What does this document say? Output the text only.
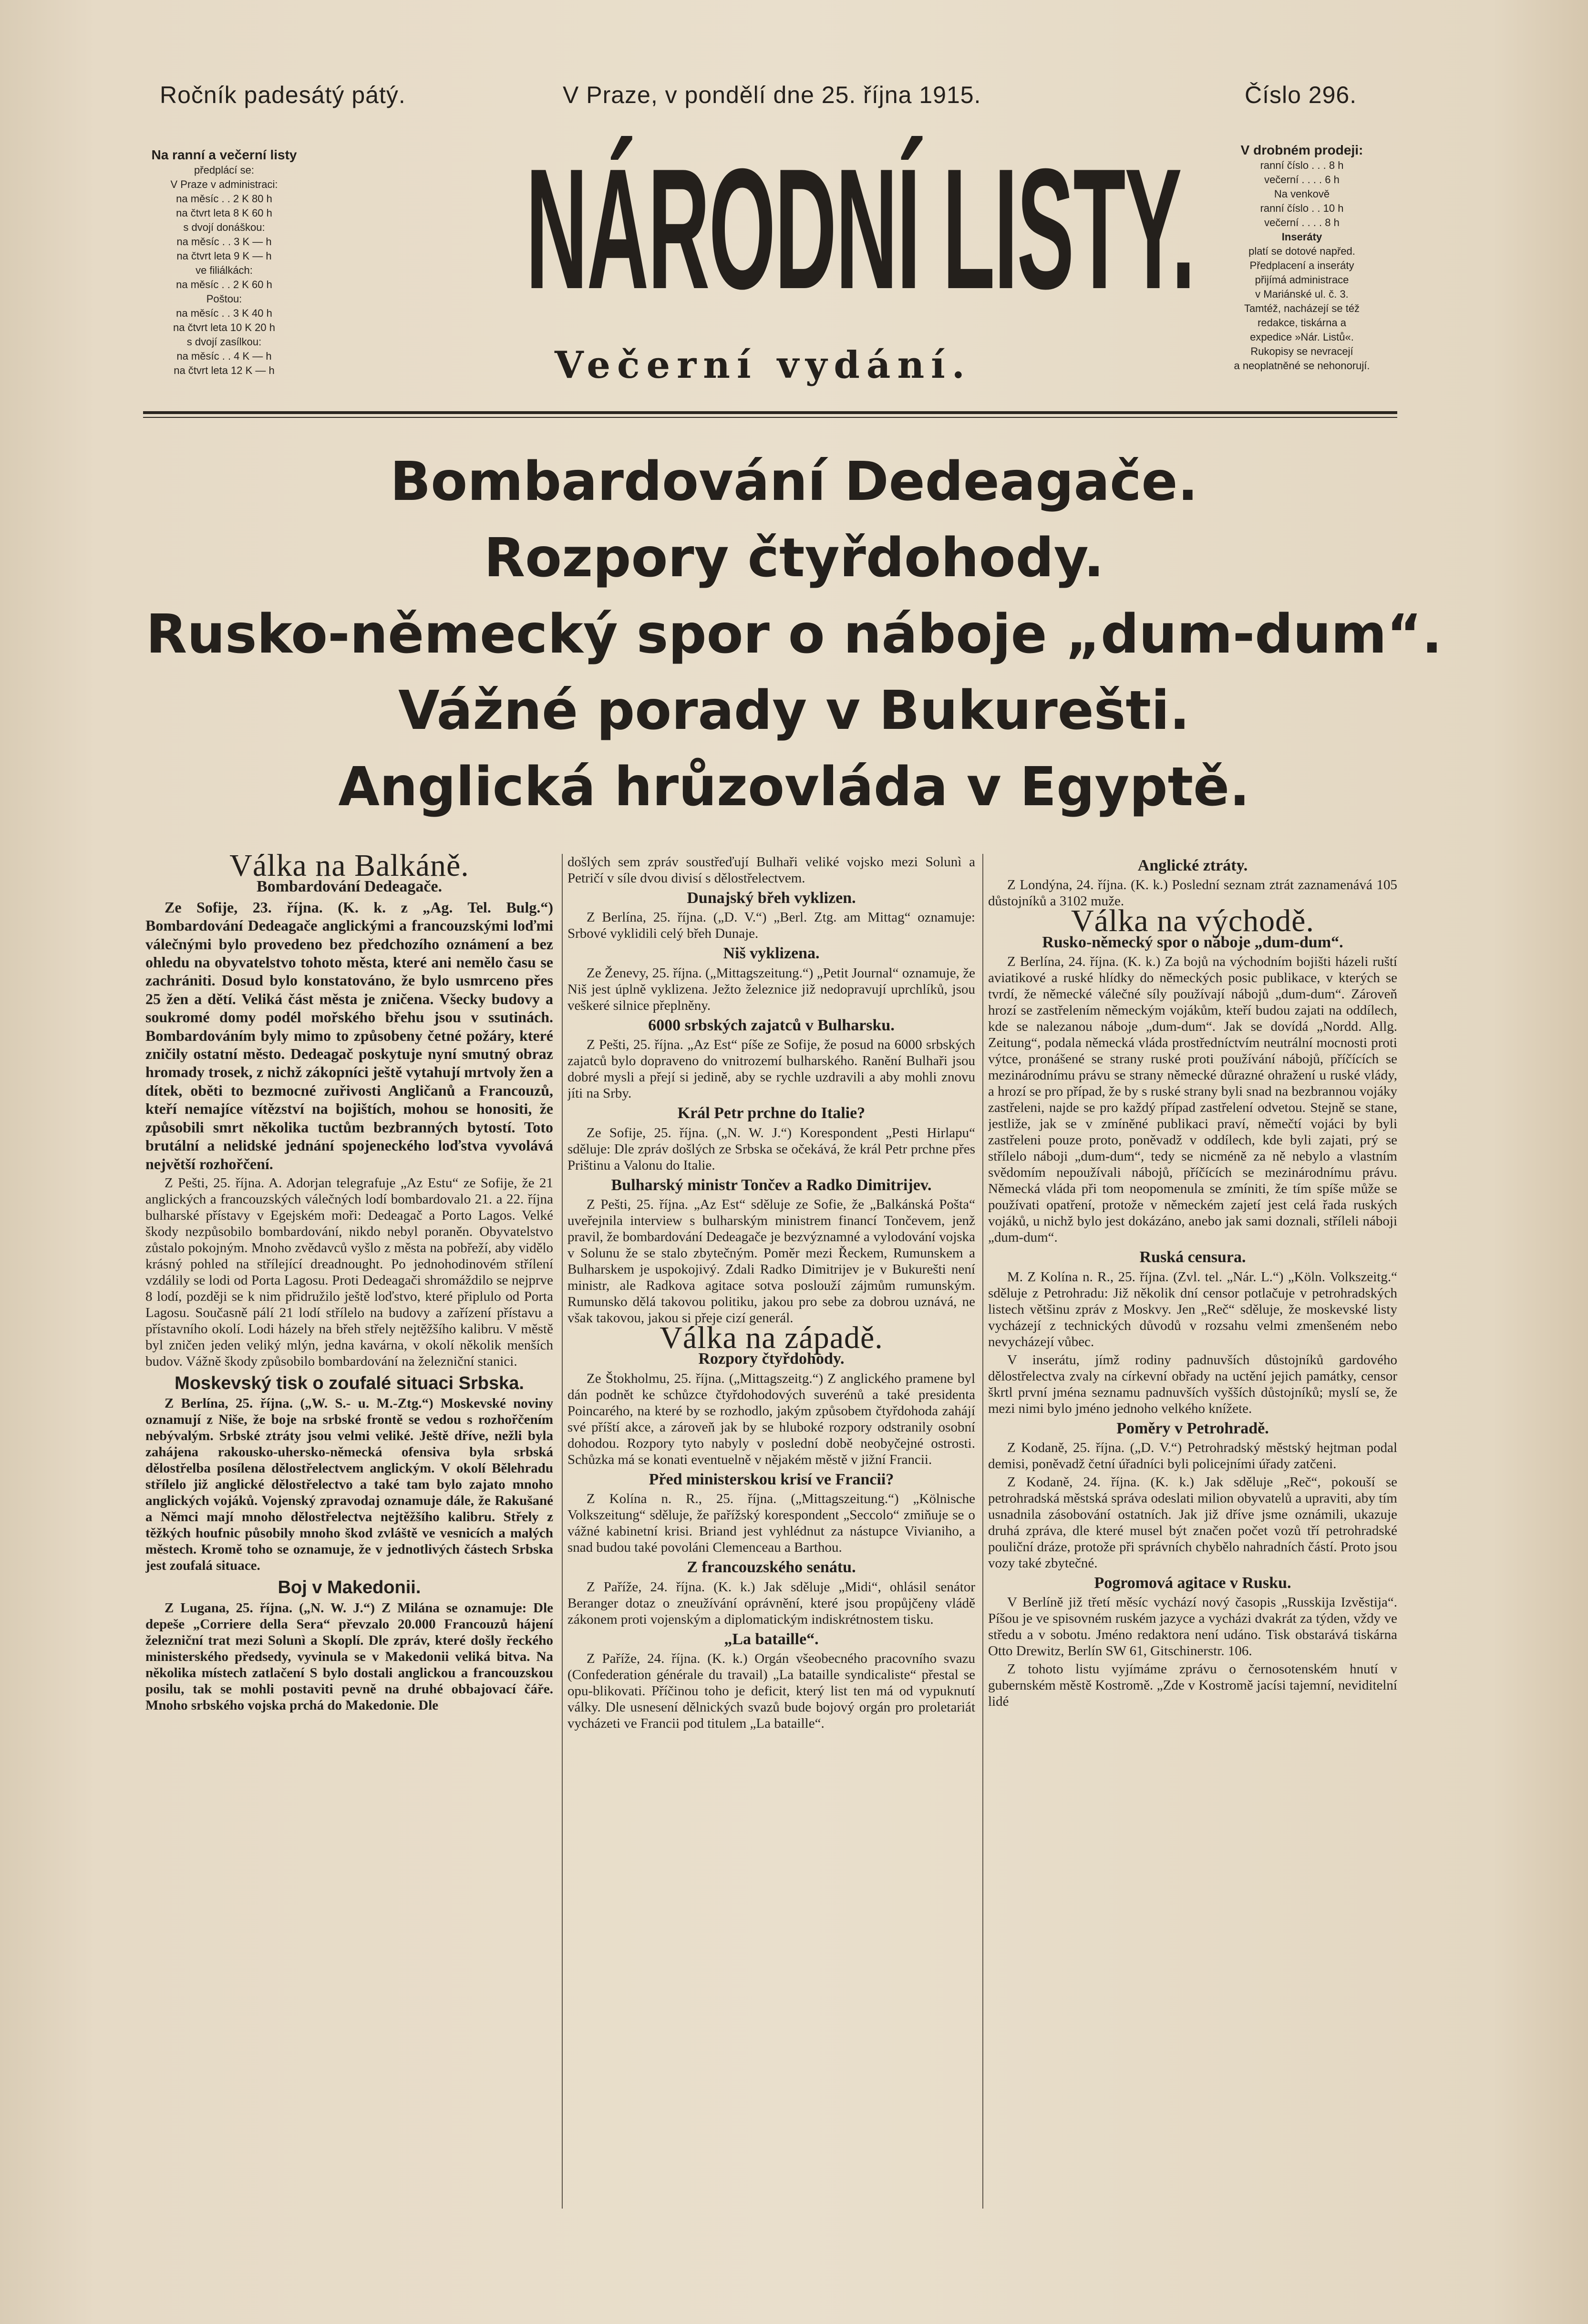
Ročník padesátý pátý.	V Praze, v pondělí dne 25. října 1915.	Číslo 296.
Na ranní a večerní listy
předplácí se:
V Praze v administraci:
na měsíc . . 2 K 80 h
na čtvrt leta 8 K 60 h
s dvojí donáškou:
na měsíc . . 3 K — h
na čtvrt leta 9 K — h
ve filiálkách:
na měsíc . . 2 K 60 h
Poštou:
na měsíc . . 3 K 40 h
na čtvrt leta 10 K 20 h
s dvojí zasílkou:
na měsíc . . 4 K — h
na čtvrt leta 12 K — h
NÁRODNÍ LISTY.
Večerní vydání.
V drobném prodeji:
ranní číslo . . . 8 h
večerní . . . . 6 h
Na venkově
ranní číslo . . 10 h
večerní . . . . 8 h
Inseráty
platí se dotové napřed.
Předplacení a inseráty
přijímá administrace
v Mariánské ul. č. 3.
Tamtéž, nacházejí se též
redakce, tiskárna a
expedice »Nár. Listů«.
Rukopisy se nevracejí
a neoplatněné se nehonorují.
Bombardování Dedeagače.
Rozpory čtyřdohody.
Rusko-německý spor o náboje „dum-dum“.
Vážné porady v Bukurešti.
Anglická hrůzovláda v Egyptě.
Válka na Balkáně.
Bombardování Dedeagače.

Ze Sofije, 23. října. (K. k. z „Ag. Tel. Bulg.“) Bombardování Dedeagače anglickými a francouzskými loďmi válečnými bylo provedeno bez předchozího oznámení a bez ohledu na obyvatelstvo tohoto města, které ani nemělo času se zachrániti. Dosud bylo konstatováno, že bylo usmrceno přes 25 žen a dětí. Veliká část města je zničena. Všecky budovy a soukromé domy podél mořského břehu jsou v ssutinách. Bombardováním byly mimo to způsobeny četné požáry, které zničily ostatní město. Dedeagač poskytuje nyní smutný obraz hromady trosek, z nichž zákopníci ještě vytahují mrtvoly žen a dítek, oběti to bezmocné zuřivosti Angličanů a Francouzů, kteří nemajíce vítězství na bojištích, mohou se honositi, že způsobili smrt několika tuctům bezbranných bytostí. Toto brutální a nelidské jednání spojeneckého loďstva vyvolává největší rozhořčení.

Z Pešti, 25. října. A. Adorjan telegrafuje „Az Estu“ ze Sofije, že 21 anglických a francouzských válečných lodí bombardovalo 21. a 22. října bulharské přístavy v Egejském moři: Dedeagač a Porto Lagos. Velké škody nezpůsobilo bombardování, nikdo nebyl poraněn. Obyvatelstvo zůstalo pokojným. Mnoho zvědavců vyšlo z města na pobřeží, aby vidělo krásný pohled na střílející dreadnought. Po jednohodinovém střílení vzdálily se lodi od Porta Lagosu. Proti Dedeagači shromáždilo se nejprve 8 lodí, později se k nim přidružilo ještě loďstvo, které připlulo od Porta Lagosu. Současně pálí 21 lodí střílelo na budovy a zařízení přístavu a přístavního okolí. Lodi házely na břeh střely nejtěžšího kalibru. V městě byl zničen jeden veliký mlýn, jedna kavárna, v okolí několik menších budov. Vážně škody způsobilo bombardování na železniční stanici.

Moskevský tisk o zoufalé situaci Srbska.

Z Berlína, 25. října. („W. S.- u. M.-Ztg.“) Moskevské noviny oznamují z Niše, že boje na srbské frontě se vedou s rozhořčením nebývalým. Srbské ztráty jsou velmi veliké. Ještě dříve, nežli byla zahájena rakousko-uhersko-německá ofensiva byla srbská dělostřelba posílena dělostřelectvem anglickým. V okolí Bělehradu střílelo již anglické dělostřelectvo a také tam bylo zajato mnoho anglických vojáků. Vojenský zpravodaj oznamuje dále, že Rakušané a Němci mají mnoho dělostřelectva nejtěžšího kalibru. Střely z těžkých houfnic působily mnoho škod zvláště ve vesnicích a malých městech. Kromě toho se oznamuje, že v jednotlivých částech Srbska jest zoufalá situace.

Boj v Makedonii.

Z Lugana, 25. října. („N. W. J.“) Z Milána se oznamuje: Dle depeše „Corriere della Sera“ převzalo 20.000 Francouzů hájení železniční trat mezi Solunì a Skoplí. Dle zpráv, které došly řeckého ministerského předsedy, vyvinula se v Makedonii veliká bitva. Na několika místech zatlačení S bylo dostali anglickou a francouzskou posilu, tak se mohli postaviti pevně na druhé obbajovací čáře. Mnoho srbského vojska prchá do Makedonie. Dle

došlých sem zpráv soustřeďují Bulhaři veliké vojsko mezi Solunì a Petričí v síle dvou divisí s dělostřelectvem.

Dunajský břeh vyklizen.

Z Berlína, 25. října. („D. V.“) „Berl. Ztg. am Mittag“ oznamuje: Srbové vyklidili celý břeh Dunaje.

Niš vyklizena.

Ze Ženevy, 25. října. („Mittagszeitung.“) „Petit Journal“ oznamuje, že Niš jest úplně vyklizena. Ježto železnice již nedopravují uprchlíků, jsou veškeré silnice přeplněny.

6000 srbských zajatců v Bulharsku.

Z Pešti, 25. října. „Az Est“ píše ze Sofije, že posud na 6000 srbských zajatců bylo dopraveno do vnitrozemí bulharského. Ranění Bulhaři jsou dobré mysli a přejí si jedině, aby se rychle uzdravili a aby mohli znovu jíti na Srby.

Král Petr prchne do Italie?

Ze Sofije, 25. října. („N. W. J.“) Korespondent „Pesti Hirlapu“ sděluje: Dle zpráv došlých ze Srbska se očekává, že král Petr prchne přes Prištinu a Valonu do Italie.

Bulharský ministr Tončev a Radko Dimitrijev.

Z Pešti, 25. října. „Az Est“ sděluje ze Sofie, že „Balkánská Pošta“ uveřejnila interview s bulharským ministrem financí Tončevem, jenž pravil, že bombardování Dedeagače je bezvýznamné a vylodování vojska v Solunu že se stalo zbytečným. Poměr mezi Řeckem, Rumunskem a Bulharskem je uspokojivý. Zdali Radko Dimitrijev je v Bukurešti není ministr, ale Radkova agitace sotva poslouží zájmům rumunským. Rumunsko dělá takovou politiku, jakou pro sebe za dobrou uznává, ne však takovou, jakou si přeje cizí generál.

Válka na západě.
Rozpory čtyřdohody.

Ze Štokholmu, 25. října. („Mittagszeitg.“) Z anglického pramene byl dán podnět ke schůzce čtyřdohodových suverénů a také presidenta Poincarého, na které by se rozhodlo, jakým způsobem čtyřdohoda zahájí své příští akce, a zároveň jak by se hluboké rozpory odstranily osobní dohodou. Rozpory tyto nabyly v poslední době neobyčejné ostrosti. Schůzka má se konati eventuelně v nějakém městě v jižní Francii.

Před ministerskou krisí ve Francii?

Z Kolína n. R., 25. října. („Mittagszeitung.“) „Kölnische Volkszeitung“ sděluje, že pařížský korespondent „Seccolo“ zmiňuje se o vážné kabinetní krisi. Briand jest vyhlédnut za nástupce Vivianiho, a snad budou také povoláni Clemenceau a Barthou.

Z francouzského senátu.

Z Paříže, 24. října. (K. k.) Jak sděluje „Midi“, ohlásil senátor Beranger dotaz o zneužívání oprávnění, které jsou propůjčeny vládě zákonem proti vojenským a diplomatickým indiskrétnostem tisku.

„La bataille“.

Z Paříže, 24. října. (K. k.) Orgán všeobecného pracovního svazu (Confederation générale du travail) „La bataille syndicaliste“ přestal se opu-blikovati. Příčinou toho je deficit, který list ten má od vypuknutí války. Dle usnesení dělnických svazů bude bojový orgán pro proletariát vycházeti ve Francii pod titulem „La bataille“.

Anglické ztráty.

Z Londýna, 24. října. (K. k.) Poslední seznam ztrát zaznamenává 105 důstojníků a 3102 muže.

Válka na východě.
Rusko-německý spor o náboje „dum-dum“.

Z Berlína, 24. října. (K. k.) Za bojů na východním bojišti házeli ruští aviatikové a ruské hlídky do německých posic publikace, v kterých se tvrdí, že německé válečné síly používají nábojů „dum-dum“. Zároveň hrozí se zastřelením německým vojákům, kteří budou zajati na oddílech, kde se nalezanou náboje „dum-dum“. Jak se dovídá „Nordd. Allg. Zeitung“, podala německá vláda prostředníctvím neutrální mocnosti proti výtce, pronášené se strany ruské proti používání nábojů, příčících se mezinárodnímu právu se strany německé důrazné ohražení u ruské vlády, a hrozí se pro případ, že by s ruské strany byli snad na bezbrannou vojáky zastřeleni, najde se pro každý případ zastřelení odvetou. Stejně se stane, jestliže, jak se v zmíněné publikaci praví, němečtí vojáci by byli zastřeleni pouze proto, poněvadž v oddílech, kde byli zajati, prý se střílelo náboji „dum-dum“, tedy se nicméně za ně nebylo a vlastním svědomím nepoužívali nábojů, příčících se mezinárodnímu právu. Německá vláda při tom neopomenula se zmíniti, že tím spíše může se používati opatření, protože v německém zajetí jest celá řada ruských vojáků, u nichž bylo jest dokázáno, anebo jak sami doznali, stříleli náboji „dum-dum“.

Ruská censura.

M. Z Kolína n. R., 25. října. (Zvl. tel. „Nár. L.“) „Köln. Volkszeitg.“ sděluje z Petrohradu: Již několik dní censor potlačuje v petrohradských listech většinu zpráv z Moskvy. Jen „Reč“ sděluje, že moskevské listy vycházejí z technických důvodů v rozsahu velmi zmenšeném nebo nevycházejí vůbec.

V inserátu, jímž rodiny padnuvších důstojníků gardového dělostřelectva zvaly na církevní obřady na uctění jejich památky, censor škrtl první jména seznamu padnuvších vyšších důstojníků; myslí se, že mezi nimi bylo jméno jednoho velkého knížete.

Poměry v Petrohradě.

Z Kodaně, 25. října. („D. V.“) Petrohradský městský hejtman podal demisi, poněvadž četní úřadníci byli policejními úřady zatčeni.

Z Kodaně, 24. října. (K. k.) Jak sděluje „Reč“, pokouší se petrohradská městská správa odeslati milion obyvatelů a upraviti, aby tím usnadnila zásobování ostatních. Jak již dříve jsme oznámili, ukazuje druhá zpráva, dle které musel být značen počet vozů tří petrohradské pouliční dráze, protože při správních chybělo nahradních částí. Proto jsou vozy také zbytečné.

Pogromová agitace v Rusku.

V Berlíně již třetí měsíc vychází nový časopis „Russkija Izvěstija“. Píšou je ve spisovném ruském jazyce a vycházi dvakrát za týden, vždy ve středu a v sobotu. Jméno redaktora není udáno. Tisk obstarává tiskárna Otto Drewitz, Berlín SW 61, Gitschinerstr. 106.

Z tohoto listu vyjímáme zprávu o černosotenském hnutí v gubernském městě Kostromě. „Zde v Kostromě jacísi tajemní, neviditelní lidé
